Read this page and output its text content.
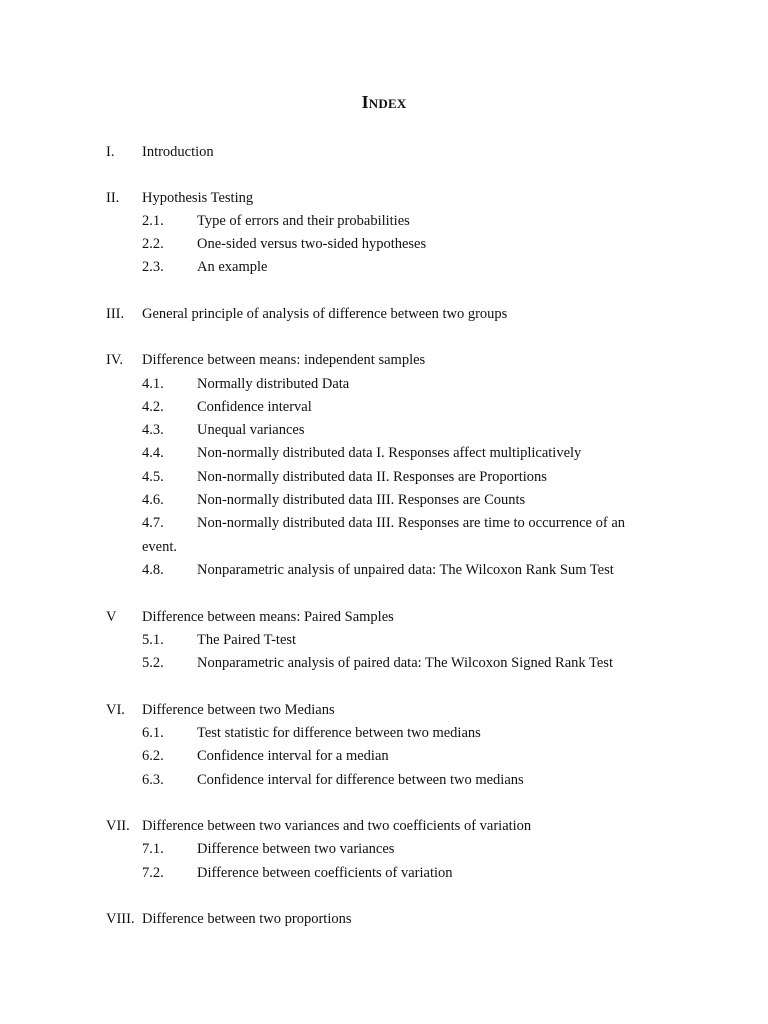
Index
I. Introduction
II. Hypothesis Testing
2.1. Type of errors and their probabilities
2.2. One-sided versus two-sided hypotheses
2.3. An example
III. General principle of analysis of difference between two groups
IV. Difference between means: independent samples
4.1. Normally distributed Data
4.2. Confidence interval
4.3. Unequal variances
4.4. Non-normally distributed data I. Responses affect multiplicatively
4.5. Non-normally distributed data II. Responses are Proportions
4.6. Non-normally distributed data III. Responses are Counts
4.7. Non-normally distributed data III. Responses are time to occurrence of an
event.
4.8. Nonparametric analysis of unpaired data: The Wilcoxon Rank Sum Test
V Difference between means: Paired Samples
5.1. The Paired T-test
5.2. Nonparametric analysis of paired data: The Wilcoxon Signed Rank Test
VI. Difference between two Medians
6.1. Test statistic for difference between two medians
6.2. Confidence interval for a median
6.3. Confidence interval for difference between two medians
VII. Difference between two variances and two coefficients of variation
7.1. Difference between two variances
7.2. Difference between coefficients of variation
VIII. Difference between two proportions
